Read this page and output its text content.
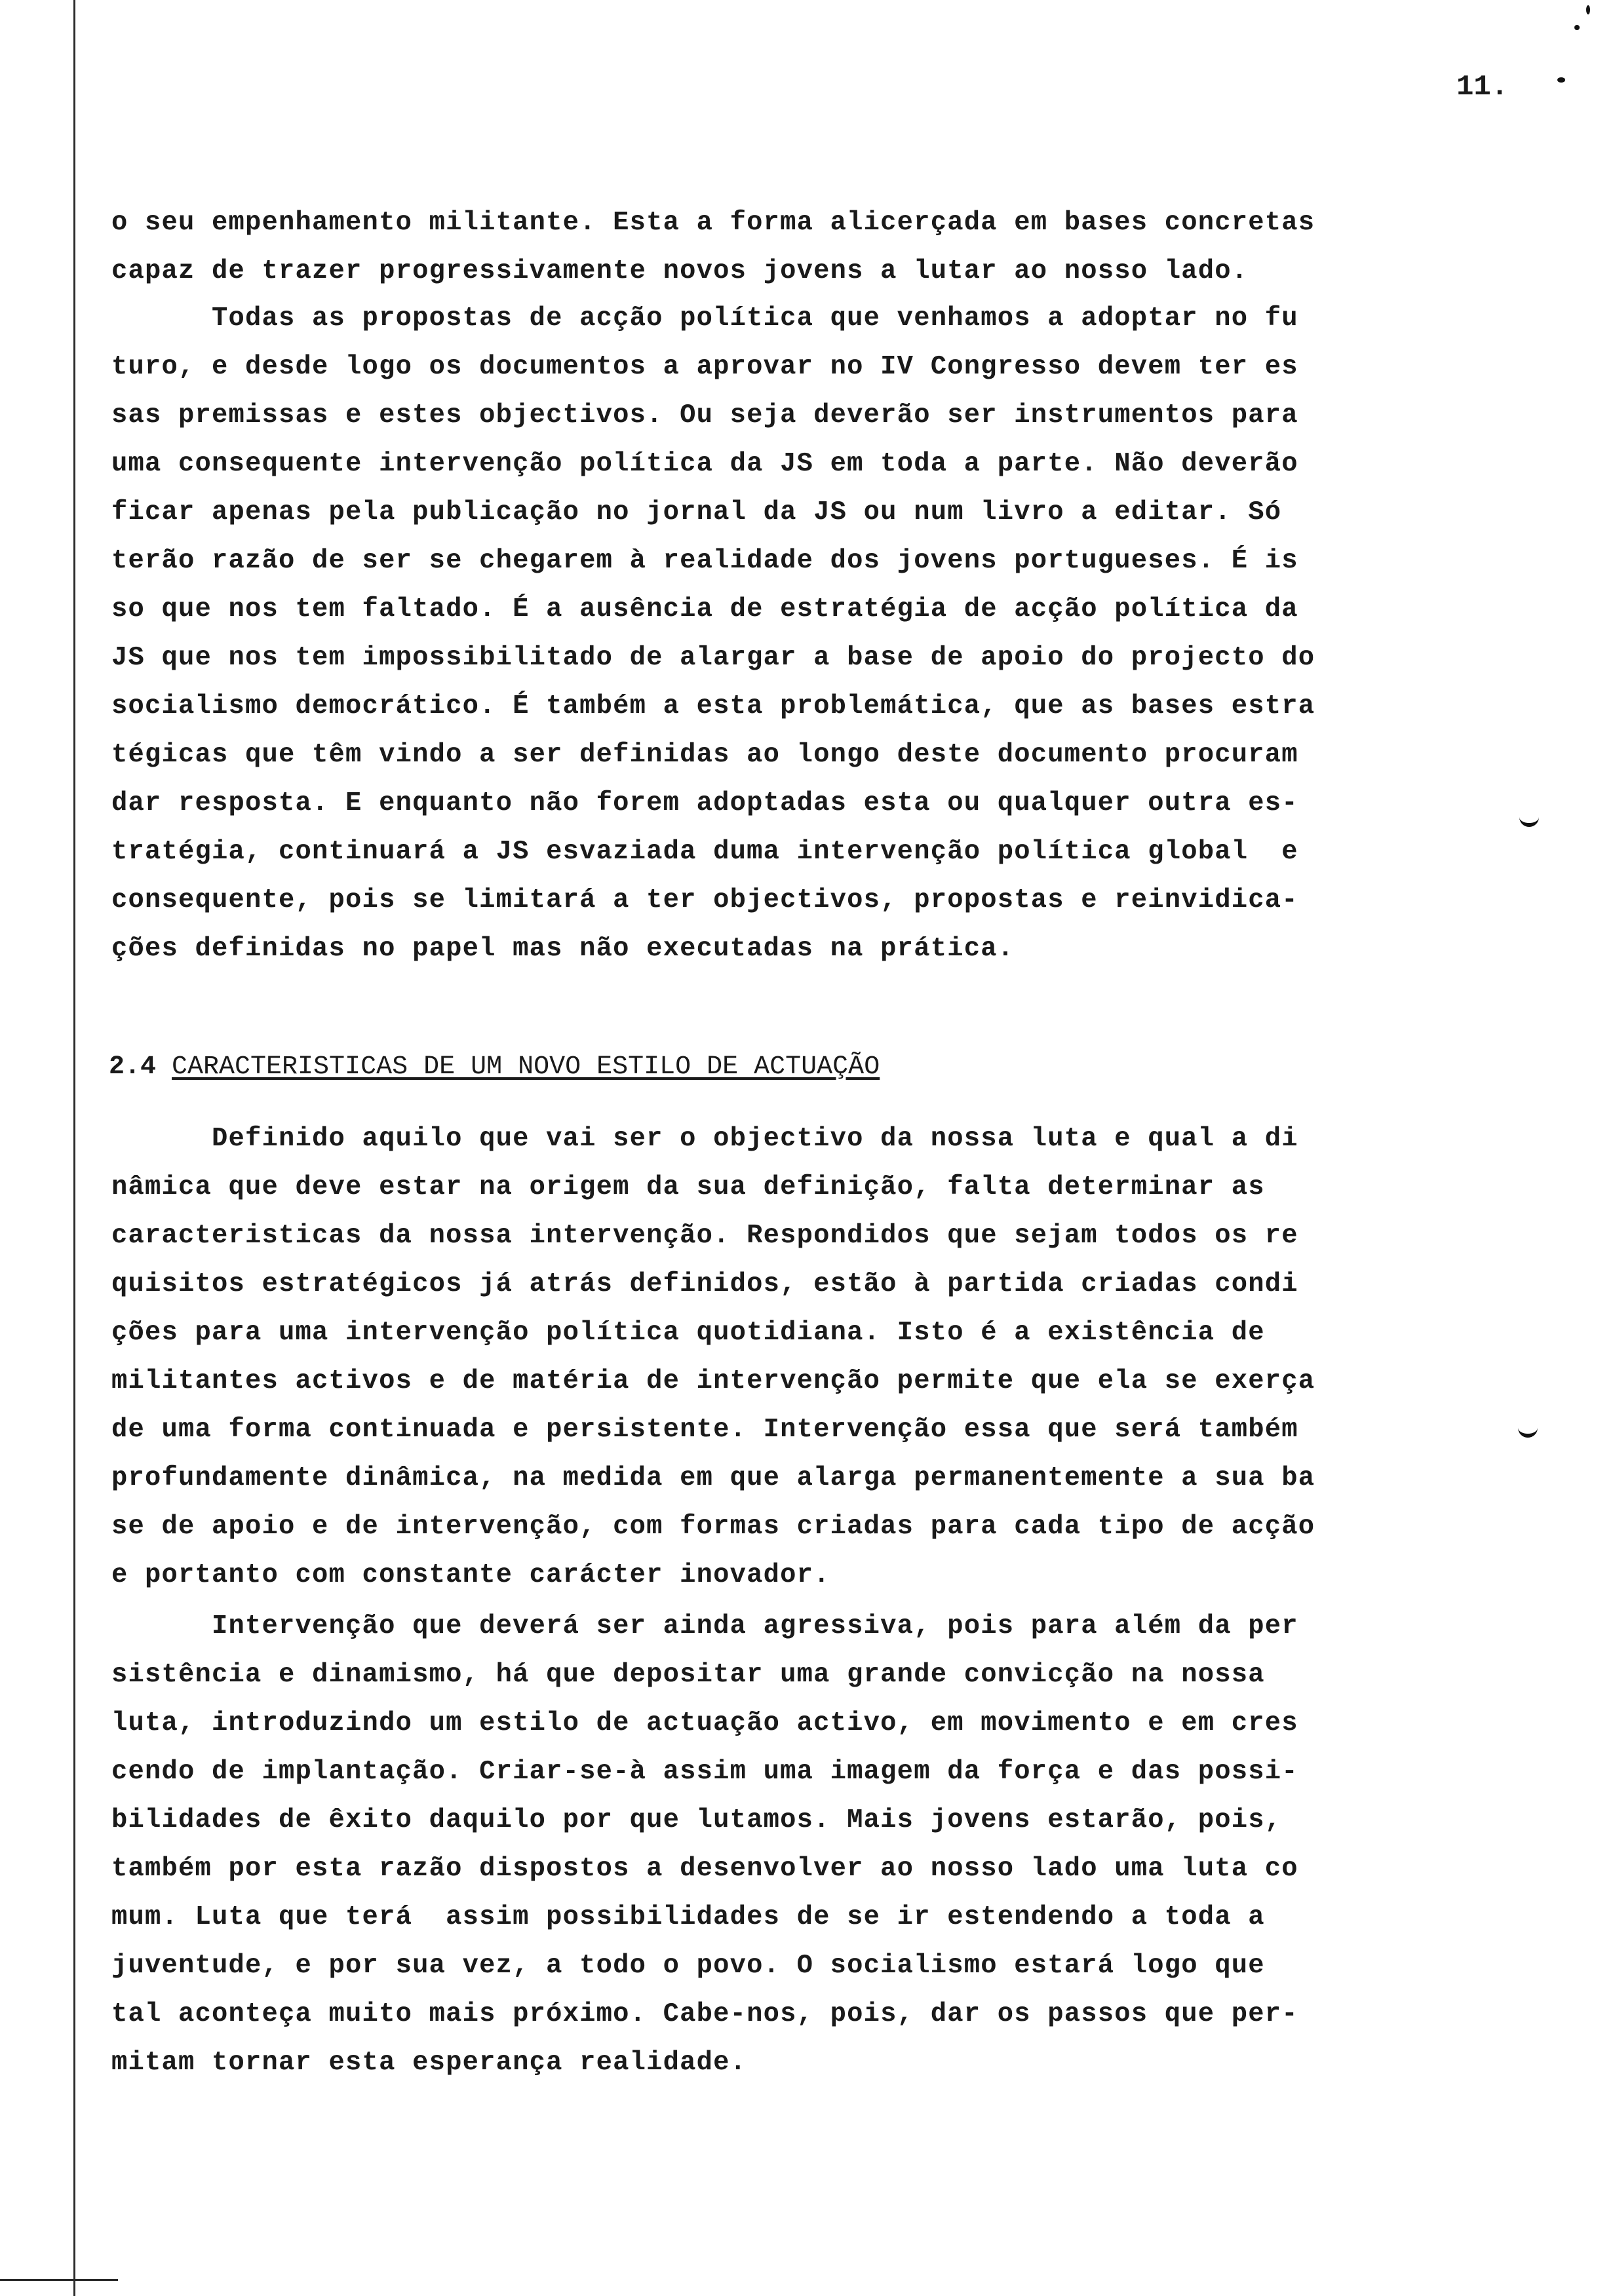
11.
o seu empenhamento militante. Esta a forma alicerçada em bases concretas
capaz de trazer progressivamente novos jovens a lutar ao nosso lado.
Todas as propostas de acção política que venhamos a adoptar no fu
turo, e desde logo os documentos a aprovar no IV Congresso devem ter es
sas premissas e estes objectivos. Ou seja deverão ser instrumentos para
uma consequente intervenção política da JS em toda a parte. Não deverão
ficar apenas pela publicação no jornal da JS ou num livro a editar. Só
terão razão de ser se chegarem à realidade dos jovens portugueses. É is
so que nos tem faltado. É a ausência de estratégia de acção política da
JS que nos tem impossibilitado de alargar a base de apoio do projecto do
socialismo democrático. É também a esta problemática, que as bases estra
tégicas que têm vindo a ser definidas ao longo deste documento procuram
dar resposta. E enquanto não forem adoptadas esta ou qualquer outra es-
tratégia, continuará a JS esvaziada duma intervenção política global  e
consequente, pois se limitará a ter objectivos, propostas e reinvidica-
ções definidas no papel mas não executadas na prática.
2.4 CARACTERISTICAS DE UM NOVO ESTILO DE ACTUAÇÃO
Definido aquilo que vai ser o objectivo da nossa luta e qual a di
nâmica que deve estar na origem da sua definição, falta determinar as
caracteristicas da nossa intervenção. Respondidos que sejam todos os re
quisitos estratégicos já atrás definidos, estão à partida criadas condi
ções para uma intervenção política quotidiana. Isto é a existência de
militantes activos e de matéria de intervenção permite que ela se exerça
de uma forma continuada e persistente. Intervenção essa que será também
profundamente dinâmica, na medida em que alarga permanentemente a sua ba
se de apoio e de intervenção, com formas criadas para cada tipo de acção
e portanto com constante carácter inovador.
Intervenção que deverá ser ainda agressiva, pois para além da per
sistência e dinamismo, há que depositar uma grande convicção na nossa
luta, introduzindo um estilo de actuação activo, em movimento e em cres
cendo de implantação. Criar-se-à assim uma imagem da força e das possi-
bilidades de êxito daquilo por que lutamos. Mais jovens estarão, pois,
também por esta razão dispostos a desenvolver ao nosso lado uma luta co
mum. Luta que terá  assim possibilidades de se ir estendendo a toda a
juventude, e por sua vez, a todo o povo. O socialismo estará logo que
tal aconteça muito mais próximo. Cabe-nos, pois, dar os passos que per-
mitam tornar esta esperança realidade.
